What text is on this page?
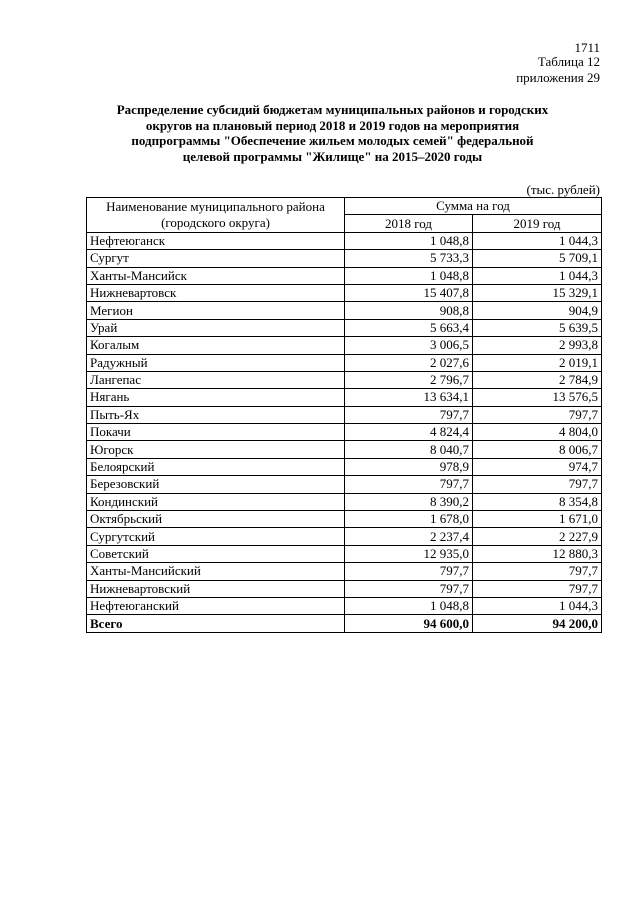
1711
Таблица 12
приложения 29
Распределение субсидий бюджетам муниципальных районов и городских
округов на плановый период 2018 и 2019 годов на мероприятия
подпрограммы "Обеспечение жильем молодых семей" федеральной
целевой программы "Жилище" на 2015–2020 годы
(тыс. рублей)
Наименование муниципального района
(городского округа)	Сумма на год	
	2018 год	2019 год
Нефтеюганск	1 048,8	1 044,3
Сургут	5 733,3	5 709,1
Ханты-Мансийск	1 048,8	1 044,3
Нижневартовск	15 407,8	15 329,1
Мегион	908,8	904,9
Урай	5 663,4	5 639,5
Когалым	3 006,5	2 993,8
Радужный	2 027,6	2 019,1
Лангепас	2 796,7	2 784,9
Нягань	13 634,1	13 576,5
Пыть-Ях	797,7	797,7
Покачи	4 824,4	4 804,0
Югорск	8 040,7	8 006,7
Белоярский	978,9	974,7
Березовский	797,7	797,7
Кондинский	8 390,2	8 354,8
Октябрьский	1 678,0	1 671,0
Сургутский	2 237,4	2 227,9
Советский	12 935,0	12 880,3
Ханты-Мансийский	797,7	797,7
Нижневартовский	797,7	797,7
Нефтеюганский	1 048,8	1 044,3
Всего	94 600,0	94 200,0
